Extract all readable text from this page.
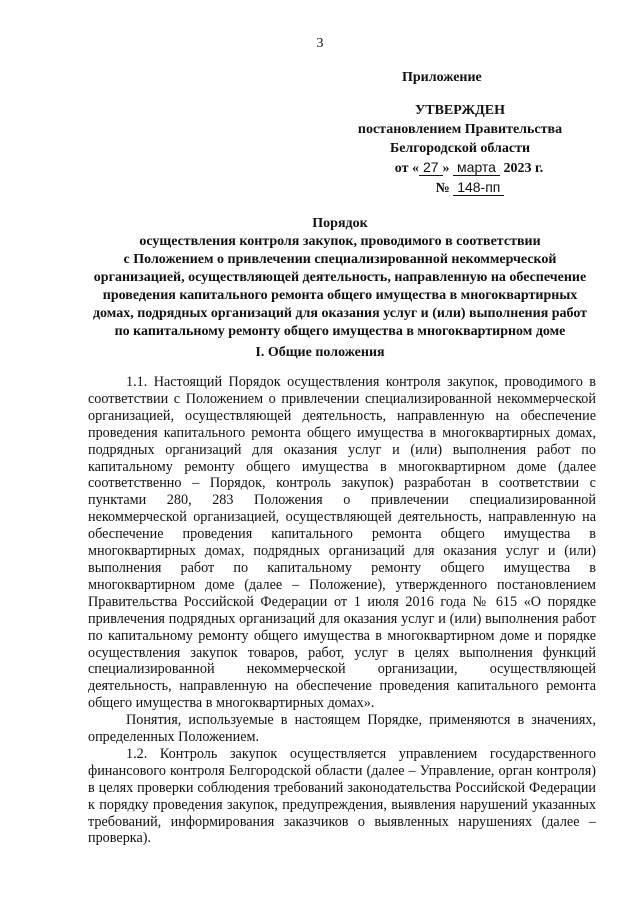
3
Приложение
УТВЕРЖДЕН
постановлением Правительства
Белгородской области
от « 27 » марта 2023 г.
№ 148-пп
Порядок
осуществления контроля закупок, проводимого в соответствии
с Положением о привлечении специализированной некоммерческой
организацией, осуществляющей деятельность, направленную на обеспечение
проведения капитального ремонта общего имущества в многоквартирных
домах, подрядных организаций для оказания услуг и (или) выполнения работ
по капитальному ремонту общего имущества в многоквартирном доме
I. Общие положения

1.1. Настоящий Порядок осуществления контроля закупок, проводимого в соответствии с Положением о привлечении специализированной некоммерческой организацией, осуществляющей деятельность, направленную на обеспечение проведения капитального ремонта общего имущества в многоквартирных домах, подрядных организаций для оказания услуг и (или) выполнения работ по капитальному ремонту общего имущества в многоквартирном доме (далее соответственно – Порядок, контроль закупок) разработан в соответствии с пунктами 280, 283 Положения о привлечении специализированной некоммерческой организацией, осуществляющей деятельность, направленную на обеспечение проведения капитального ремонта общего имущества в многоквартирных домах, подрядных организаций для оказания услуг и (или) выполнения работ по капитальному ремонту общего имущества в многоквартирном доме (далее – Положение), утвержденного постановлением Правительства Российской Федерации от 1 июля 2016 года № 615 «О порядке привлечения подрядных организаций для оказания услуг и (или) выполнения работ по капитальному ремонту общего имущества в многоквартирном доме и порядке осуществления закупок товаров, работ, услуг в целях выполнения функций специализированной некоммерческой организации, осуществляющей деятельность, направленную на обеспечение проведения капитального ремонта общего имущества в многоквартирных домах».

Понятия, используемые в настоящем Порядке, применяются в значениях, определенных Положением.

1.2. Контроль закупок осуществляется управлением государственного финансового контроля Белгородской области (далее – Управление, орган контроля) в целях проверки соблюдения требований законодательства Российской Федерации к порядку проведения закупок, предупреждения, выявления нарушений указанных требований, информирования заказчиков о выявленных нарушениях (далее – проверка).
